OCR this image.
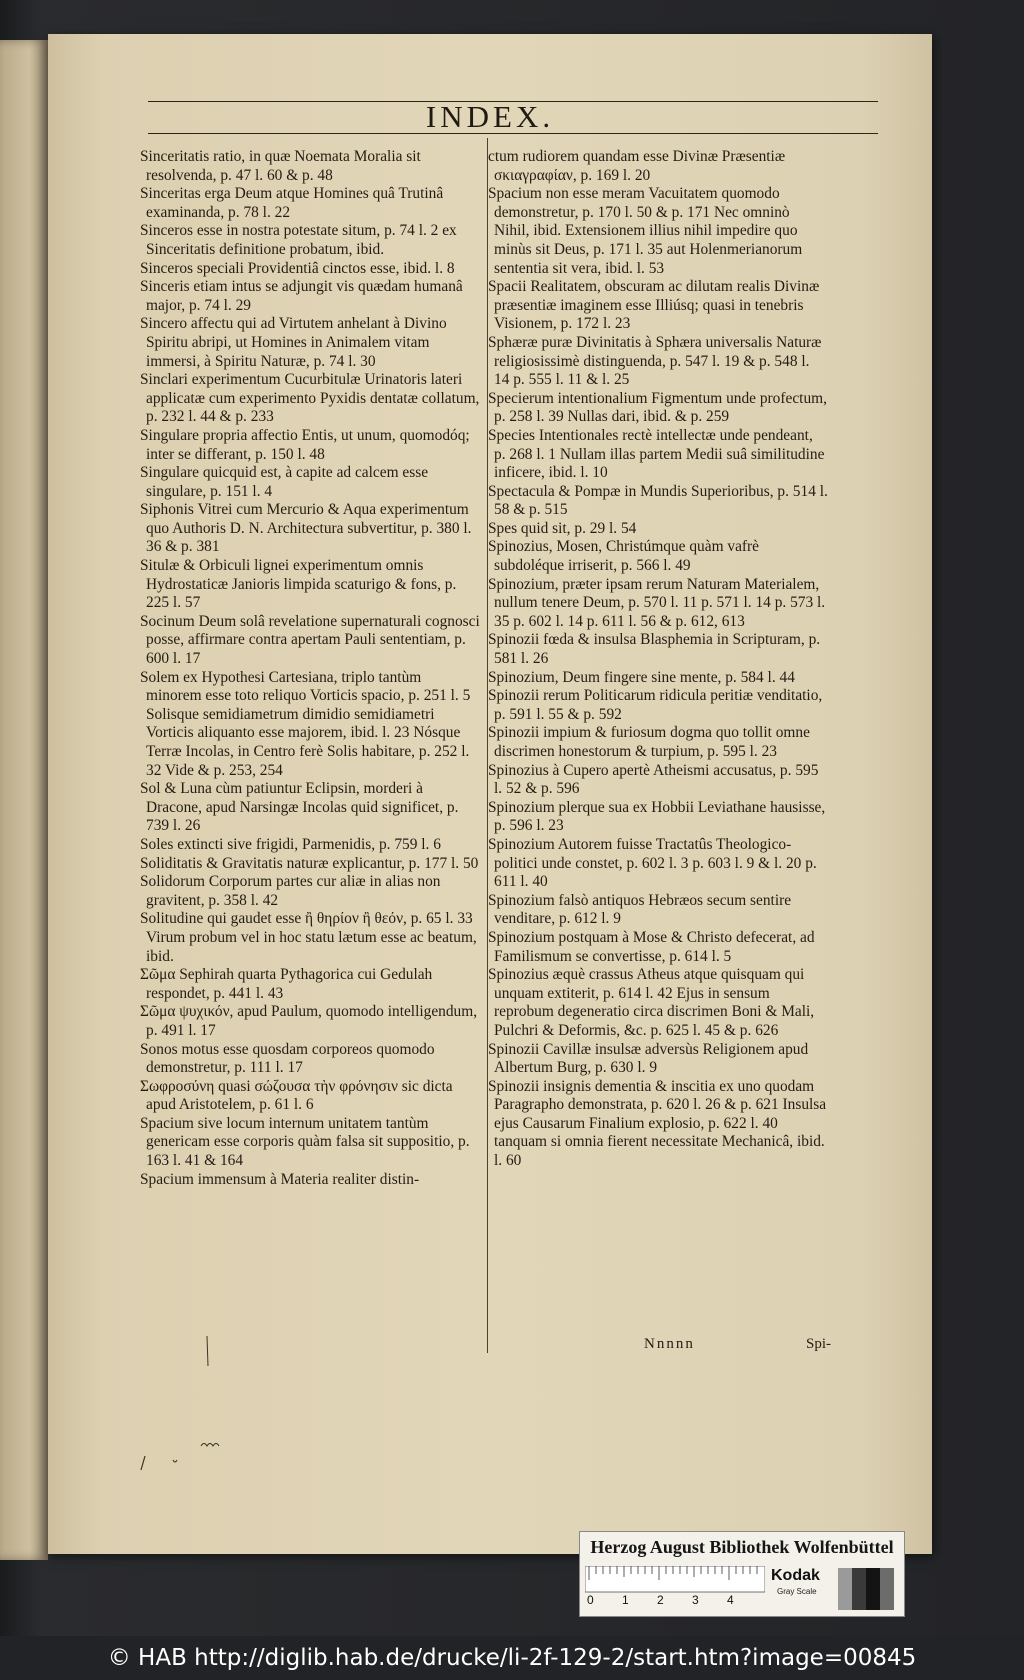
INDEX.
Sinceritatis ratio, in quæ Noemata Moralia sit resolvenda, p. 47 l. 60 & p. 48
Sinceritas erga Deum atque Homines quâ Trutinâ examinanda, p. 78 l. 22
Sinceros esse in nostra potestate situm, p. 74 l. 2 ex Sinceritatis definitione probatum, ibid.
Sinceros speciali Providentiâ cinctos esse, ibid. l. 8
Sinceris etiam intus se adjungit vis quædam humanâ major, p. 74 l. 29
Sincero affectu qui ad Virtutem anhelant à Divino Spiritu abripi, ut Homines in Animalem vitam immersi, à Spiritu Naturæ, p. 74 l. 30
Sinclari experimentum Cucurbitulæ Urinatoris lateri applicatæ cum experimento Pyxidis dentatæ collatum, p. 232 l. 44 & p. 233
Singulare propria affectio Entis, ut unum, quomodóq; inter se differant, p. 150 l. 48
Singulare quicquid est, à capite ad calcem esse singulare, p. 151 l. 4
Siphonis Vitrei cum Mercurio & Aqua experimentum quo Authoris D. N. Architectura subvertitur, p. 380 l. 36 & p. 381
Situlæ & Orbiculi lignei experimentum omnis Hydrostaticæ Janioris limpida scaturigo & fons, p. 225 l. 57
Socinum Deum solâ revelatione supernaturali cognosci posse, affirmare contra apertam Pauli sententiam, p. 600 l. 17
Solem ex Hypothesi Cartesiana, triplo tantùm minorem esse toto reliquo Vorticis spacio, p. 251 l. 5 Solisque semidiametrum dimidio semidiametri Vorticis aliquanto esse majorem, ibid. l. 23 Nósque Terræ Incolas, in Centro ferè Solis habitare, p. 252 l. 32 Vide & p. 253, 254
Sol & Luna cùm patiuntur Eclipsin, morderi à Dracone, apud Narsingæ Incolas quid significet, p. 739 l. 26
Soles extincti sive frigidi, Parmenidis, p. 759 l. 6
Soliditatis & Gravitatis naturæ explicantur, p. 177 l. 50
Solidorum Corporum partes cur aliæ in alias non gravitent, p. 358 l. 42
Solitudine qui gaudet esse ἢ θηρίον ἢ θεόν, p. 65 l. 33 Virum probum vel in hoc statu lætum esse ac beatum, ibid.
Σῶμα Sephirah quarta Pythagorica cui Gedulah respondet, p. 441 l. 43
Σῶμα ψυχικόν, apud Paulum, quomodo intelligendum, p. 491 l. 17
Sonos motus esse quosdam corporeos quomodo demonstretur, p. 111 l. 17
Σωφροσύνη quasi σώζουσα τὴν φρόνησιν sic dicta apud Aristotelem, p. 61 l. 6
Spacium sive locum internum unitatem tantùm genericam esse corporis quàm falsa sit suppositio, p. 163 l. 41 & 164
Spacium immensum à Materia realiter distin-
ctum rudiorem quandam esse Divinæ Præsentiæ σκιαγραφίαν, p. 169 l. 20
Spacium non esse meram Vacuitatem quomodo demonstretur, p. 170 l. 50 & p. 171 Nec omninò Nihil, ibid. Extensionem illius nihil impedire quo minùs sit Deus, p. 171 l. 35 aut Holenmerianorum sententia sit vera, ibid. l. 53
Spacii Realitatem, obscuram ac dilutam realis Divinæ præsentiæ imaginem esse Illiúsq; quasi in tenebris Visionem, p. 172 l. 23
Sphæræ puræ Divinitatis à Sphæra universalis Naturæ religiosissimè distinguenda, p. 547 l. 19 & p. 548 l. 14 p. 555 l. 11 & l. 25
Specierum intentionalium Figmentum unde profectum, p. 258 l. 39 Nullas dari, ibid. & p. 259
Species Intentionales rectè intellectæ unde pendeant, p. 268 l. 1 Nullam illas partem Medii suâ similitudine inficere, ibid. l. 10
Spectacula & Pompæ in Mundis Superioribus, p. 514 l. 58 & p. 515
Spes quid sit, p. 29 l. 54
Spinozius, Mosen, Christúmque quàm vafrè subdoléque irriserit, p. 566 l. 49
Spinozium, præter ipsam rerum Naturam Materialem, nullum tenere Deum, p. 570 l. 11 p. 571 l. 14 p. 573 l. 35 p. 602 l. 14 p. 611 l. 56 & p. 612, 613
Spinozii fœda & insulsa Blasphemia in Scripturam, p. 581 l. 26
Spinozium, Deum fingere sine mente, p. 584 l. 44
Spinozii rerum Politicarum ridicula peritiæ venditatio, p. 591 l. 55 & p. 592
Spinozii impium & furiosum dogma quo tollit omne discrimen honestorum & turpium, p. 595 l. 23
Spinozius à Cupero apertè Atheismi accusatus, p. 595 l. 52 & p. 596
Spinozium plerque sua ex Hobbii Leviathane hausisse, p. 596 l. 23
Spinozium Autorem fuisse Tractatûs Theologico-politici unde constet, p. 602 l. 3 p. 603 l. 9 & l. 20 p. 611 l. 40
Spinozium falsò antiquos Hebræos secum sentire venditare, p. 612 l. 9
Spinozium postquam à Mose & Christo defecerat, ad Familismum se convertisse, p. 614 l. 5
Spinozius æquè crassus Atheus atque quisquam qui unquam extiterit, p. 614 l. 42 Ejus in sensum reprobum degeneratio circa discrimen Boni & Mali, Pulchri & Deformis, &c. p. 625 l. 45 & p. 626
Spinozii Cavillæ insulsæ adversùs Religionem apud Albertum Burg, p. 630 l. 9
Spinozii insignis dementia & inscitia ex uno quodam Paragrapho demonstrata, p. 620 l. 26 & p. 621 Insulsa ejus Causarum Finalium explosio, p. 622 l. 40 tanquam si omnia fierent necessitate Mechanicâ, ibid. l. 60
Nnnnn	Spi-
Herzog August Bibliothek Wolfenbüttel
0 1 2 3 4
Kodak
Gray Scale
© HAB http://diglib.hab.de/drucke/li-2f-129-2/start.htm?image=00845
